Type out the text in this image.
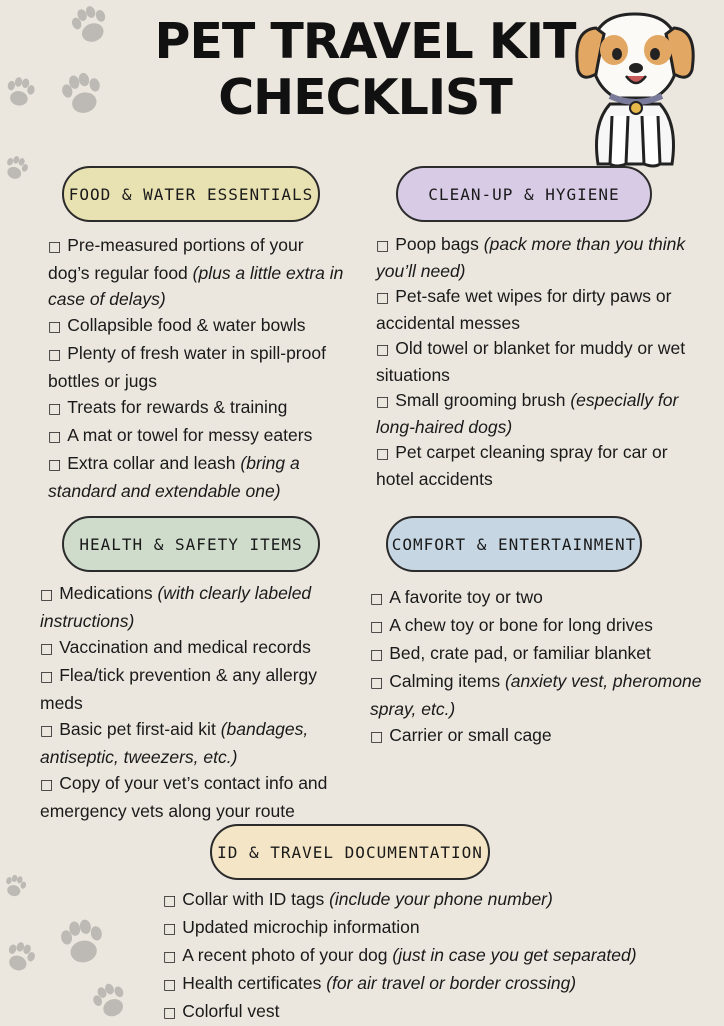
PET TRAVEL KIT CHECKLIST
FOOD & WATER ESSENTIALS
□ Pre-measured portions of your dog’s regular food (plus a little extra in case of delays)
□ Collapsible food & water bowls
□ Plenty of fresh water in spill-proof bottles or jugs
□ Treats for rewards & training
□ A mat or towel for messy eaters
□ Extra collar and leash (bring a standard and extendable one)
CLEAN-UP & HYGIENE
□ Poop bags (pack more than you think you’ll need)
□ Pet-safe wet wipes for dirty paws or accidental messes
□ Old towel or blanket for muddy or wet situations
□ Small grooming brush (especially for long-haired dogs)
□ Pet carpet cleaning spray for car or hotel accidents
HEALTH & SAFETY ITEMS
□ Medications (with clearly labeled instructions)
□ Vaccination and medical records
□ Flea/tick prevention & any allergy meds
□ Basic pet first-aid kit (bandages, antiseptic, tweezers, etc.)
□ Copy of your vet’s contact info and emergency vets along your route
COMFORT & ENTERTAINMENT
□ A favorite toy or two
□ A chew toy or bone for long drives
□ Bed, crate pad, or familiar blanket
□ Calming items (anxiety vest, pheromone spray, etc.)
□ Carrier or small cage
ID & TRAVEL DOCUMENTATION
□ Collar with ID tags (include your phone number)
□ Updated microchip information
□ A recent photo of your dog (just in case you get separated)
□ Health certificates (for air travel or border crossing)
□ Colorful vest
